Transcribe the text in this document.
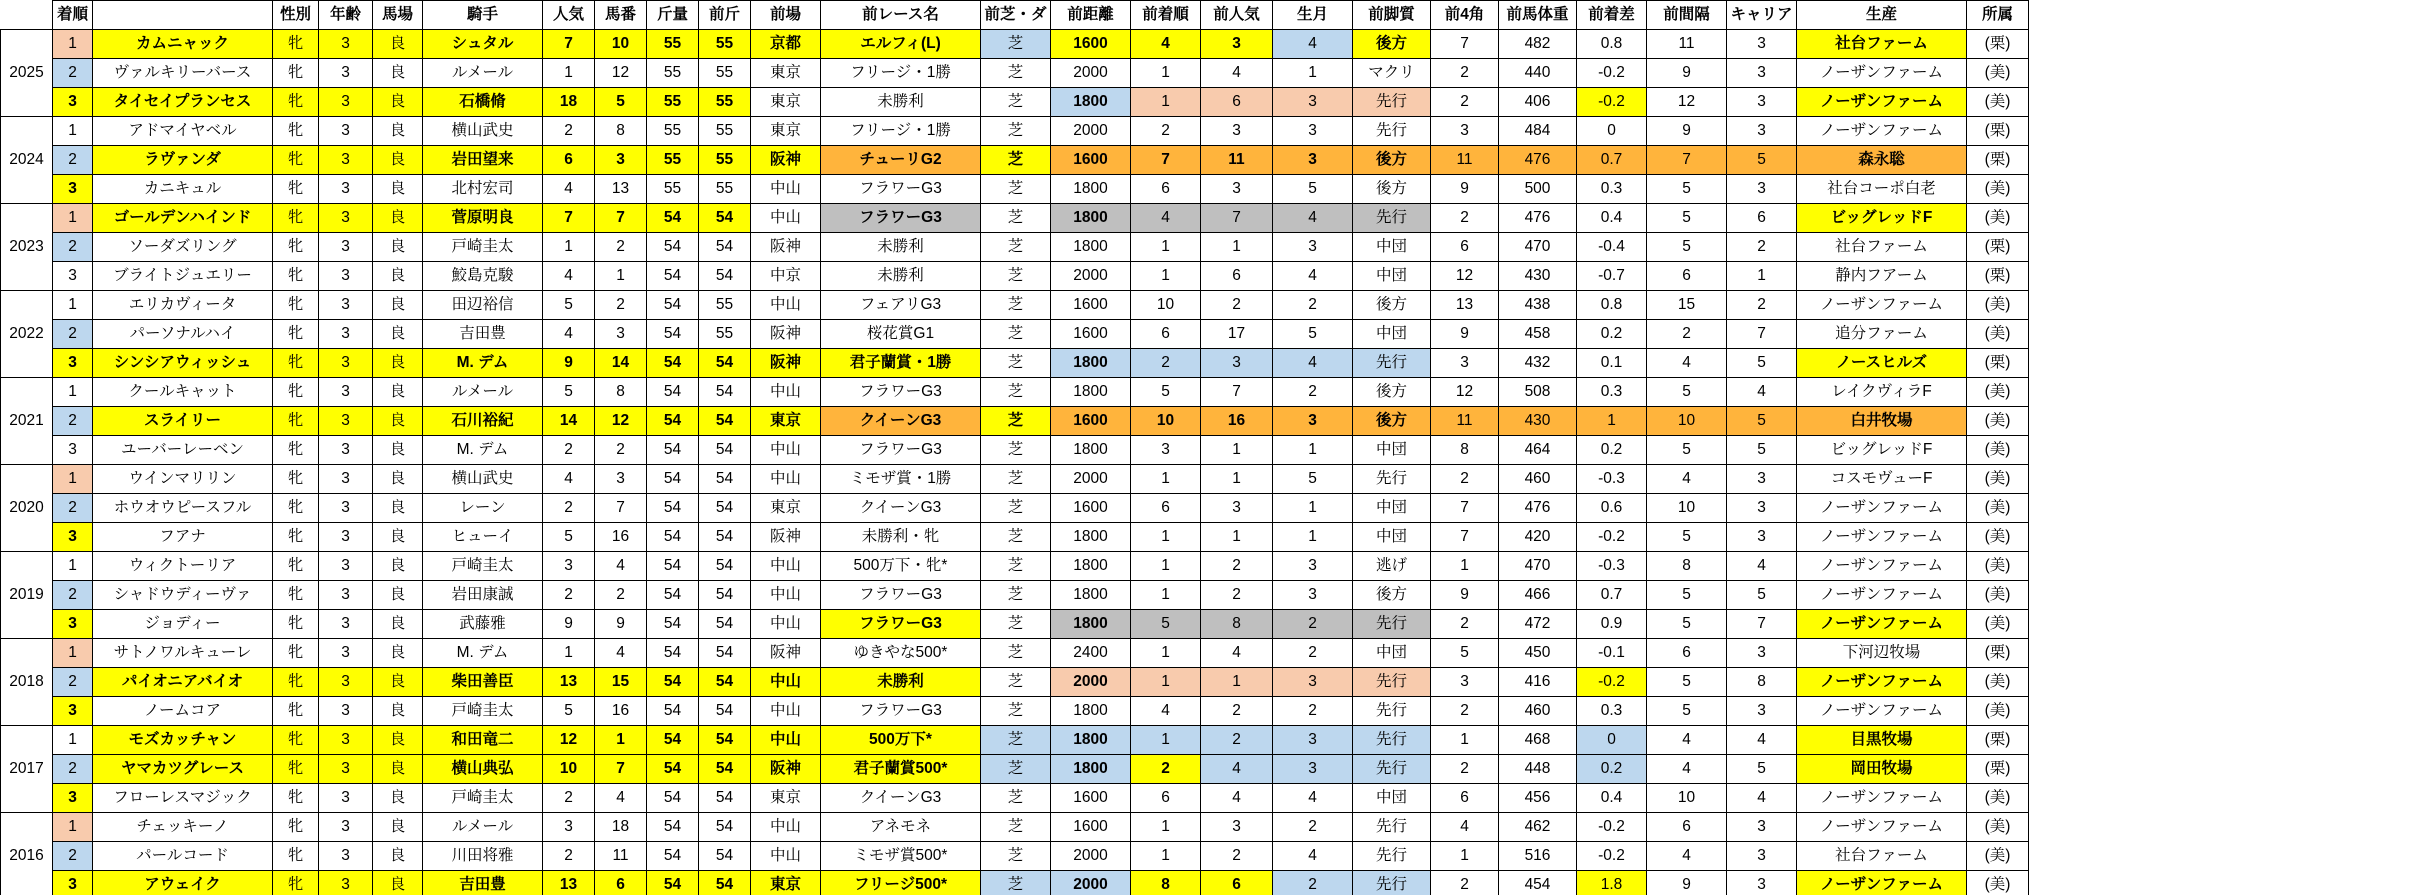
	着順		性別	年齢	馬場	騎手	人気	馬番	斤量	前斤	前場	前レース名	前芝・ダ	前距離	前着順	前人気	生月	前脚質	前4角	前馬体重	前着差	前間隔	キャリア	生産	所属
2025	1	カムニャック	牝	3	良	シュタル	7	10	55	55	京都	エルフィ(L)	芝	1600	4	3	4	後方	7	482	0.8	11	3	社台ファーム	(栗)
	2	ヴァルキリーバース	牝	3	良	ルメール	1	12	55	55	東京	フリージ・1勝	芝	2000	1	4	1	マクリ	2	440	-0.2	9	3	ノーザンファーム	(美)
	3	タイセイプランセス	牝	3	良	石橋脩	18	5	55	55	東京	未勝利	芝	1800	1	6	3	先行	2	406	-0.2	12	3	ノーザンファーム	(美)
2024	1	アドマイヤベル	牝	3	良	横山武史	2	8	55	55	東京	フリージ・1勝	芝	2000	2	3	3	先行	3	484	0	9	3	ノーザンファーム	(栗)
	2	ラヴァンダ	牝	3	良	岩田望来	6	3	55	55	阪神	チューリG2	芝	1600	7	11	3	後方	11	476	0.7	7	5	森永聡	(栗)
	3	カニキュル	牝	3	良	北村宏司	4	13	55	55	中山	フラワーG3	芝	1800	6	3	5	後方	9	500	0.3	5	3	社台コーポ白老	(美)
2023	1	ゴールデンハインド	牝	3	良	菅原明良	7	7	54	54	中山	フラワーG3	芝	1800	4	7	4	先行	2	476	0.4	5	6	ビッグレッドF	(美)
	2	ソーダズリング	牝	3	良	戸崎圭太	1	2	54	54	阪神	未勝利	芝	1800	1	1	3	中団	6	470	-0.4	5	2	社台ファーム	(栗)
	3	ブライトジュエリー	牝	3	良	鮫島克駿	4	1	54	54	中京	未勝利	芝	2000	1	6	4	中団	12	430	-0.7	6	1	静内フアーム	(栗)
2022	1	エリカヴィータ	牝	3	良	田辺裕信	5	2	54	55	中山	フェアリG3	芝	1600	10	2	2	後方	13	438	0.8	15	2	ノーザンファーム	(美)
	2	パーソナルハイ	牝	3	良	吉田豊	4	3	54	55	阪神	桜花賞G1	芝	1600	6	17	5	中団	9	458	0.2	2	7	追分ファーム	(美)
	3	シンシアウィッシュ	牝	3	良	M. デム	9	14	54	54	阪神	君子蘭賞・1勝	芝	1800	2	3	4	先行	3	432	0.1	4	5	ノースヒルズ	(栗)
2021	1	クールキャット	牝	3	良	ルメール	5	8	54	54	中山	フラワーG3	芝	1800	5	7	2	後方	12	508	0.3	5	4	レイクヴィラF	(美)
	2	スライリー	牝	3	良	石川裕紀	14	12	54	54	東京	クイーンG3	芝	1600	10	16	3	後方	11	430	1	10	5	白井牧場	(美)
	3	ユーバーレーベン	牝	3	良	M. デム	2	2	54	54	中山	フラワーG3	芝	1800	3	1	1	中団	8	464	0.2	5	5	ビッグレッドF	(美)
2020	1	ウインマリリン	牝	3	良	横山武史	4	3	54	54	中山	ミモザ賞・1勝	芝	2000	1	1	5	先行	2	460	-0.3	4	3	コスモヴューF	(美)
	2	ホウオウピースフル	牝	3	良	レーン	2	7	54	54	東京	クイーンG3	芝	1600	6	3	1	中団	7	476	0.6	10	3	ノーザンファーム	(美)
	3	フアナ	牝	3	良	ヒューイ	5	16	54	54	阪神	未勝利・牝	芝	1800	1	1	1	中団	7	420	-0.2	5	3	ノーザンファーム	(美)
2019	1	ウィクトーリア	牝	3	良	戸崎圭太	3	4	54	54	中山	500万下・牝*	芝	1800	1	2	3	逃げ	1	470	-0.3	8	4	ノーザンファーム	(美)
	2	シャドウディーヴァ	牝	3	良	岩田康誠	2	2	54	54	中山	フラワーG3	芝	1800	1	2	3	後方	9	466	0.7	5	5	ノーザンファーム	(美)
	3	ジョディー	牝	3	良	武藤雅	9	9	54	54	中山	フラワーG3	芝	1800	5	8	2	先行	2	472	0.9	5	7	ノーザンファーム	(美)
2018	1	サトノワルキューレ	牝	3	良	M. デム	1	4	54	54	阪神	ゆきやな500*	芝	2400	1	4	2	中団	5	450	-0.1	6	3	下河辺牧場	(栗)
	2	パイオニアバイオ	牝	3	良	柴田善臣	13	15	54	54	中山	未勝利	芝	2000	1	1	3	先行	3	416	-0.2	5	8	ノーザンファーム	(美)
	3	ノームコア	牝	3	良	戸崎圭太	5	16	54	54	中山	フラワーG3	芝	1800	4	2	2	先行	2	460	0.3	5	3	ノーザンファーム	(美)
2017	1	モズカッチャン	牝	3	良	和田竜二	12	1	54	54	中山	500万下*	芝	1800	1	2	3	先行	1	468	0	4	4	目黒牧場	(栗)
	2	ヤマカツグレース	牝	3	良	横山典弘	10	7	54	54	阪神	君子蘭賞500*	芝	1800	2	4	3	先行	2	448	0.2	4	5	岡田牧場	(栗)
	3	フローレスマジック	牝	3	良	戸崎圭太	2	4	54	54	東京	クイーンG3	芝	1600	6	4	4	中団	6	456	0.4	10	4	ノーザンファーム	(美)
2016	1	チェッキーノ	牝	3	良	ルメール	3	18	54	54	中山	アネモネ	芝	1600	1	3	2	先行	4	462	-0.2	6	3	ノーザンファーム	(美)
	2	パールコード	牝	3	良	川田将雅	2	11	54	54	中山	ミモザ賞500*	芝	2000	1	2	4	先行	1	516	-0.2	4	3	社台ファーム	(美)
	3	アウェイク	牝	3	良	吉田豊	13	6	54	54	東京	フリージ500*	芝	2000	8	6	2	先行	2	454	1.8	9	3	ノーザンファーム	(美)
